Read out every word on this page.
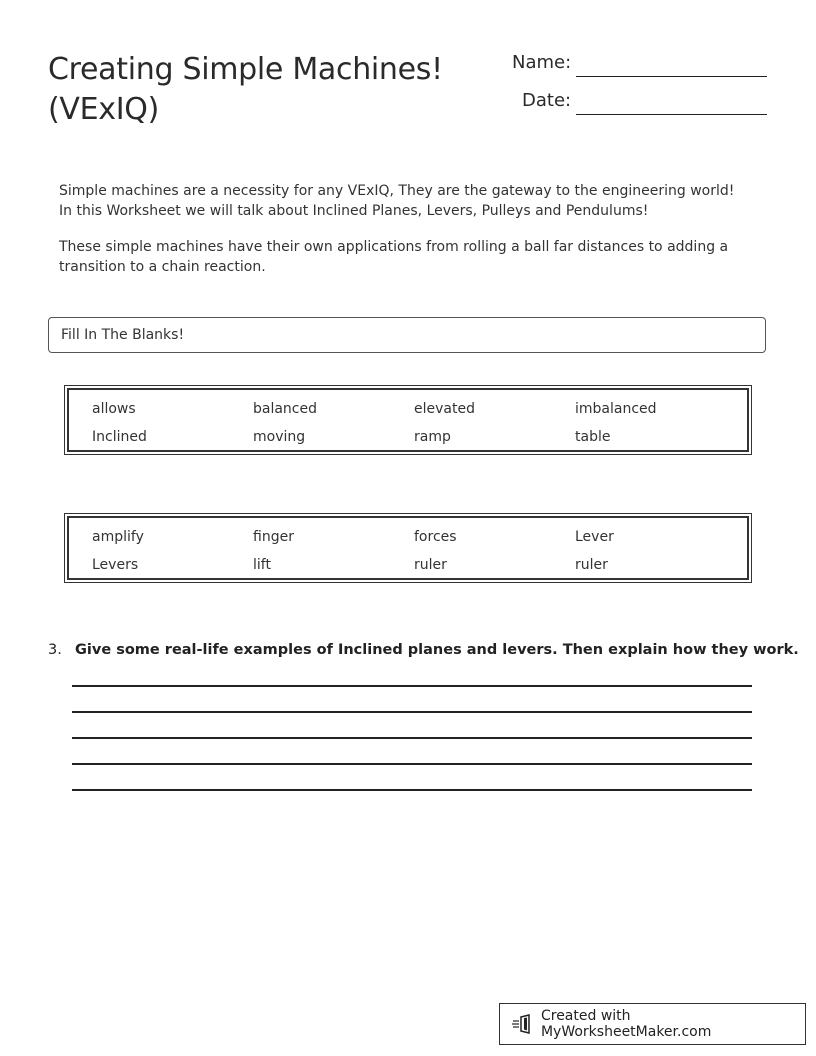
Creating Simple Machines!
(VExIQ)
Name:
Date:

Simple machines are a necessity for any VExIQ, They are the gateway to the engineering world!
In this Worksheet we will talk about Inclined Planes, Levers, Pulleys and Pendulums!

These simple machines have their own applications from rolling a ball far distances to adding a transition to a chain reaction.

Fill In The Blanks!
allows	balanced	elevated	imbalanced
Inclined	moving	ramp	table
amplify	finger	forces	Lever
Levers	lift	ruler	ruler
3. Give some real-life examples of Inclined planes and levers. Then explain how they work.
Created with MyWorksheetMaker.com
